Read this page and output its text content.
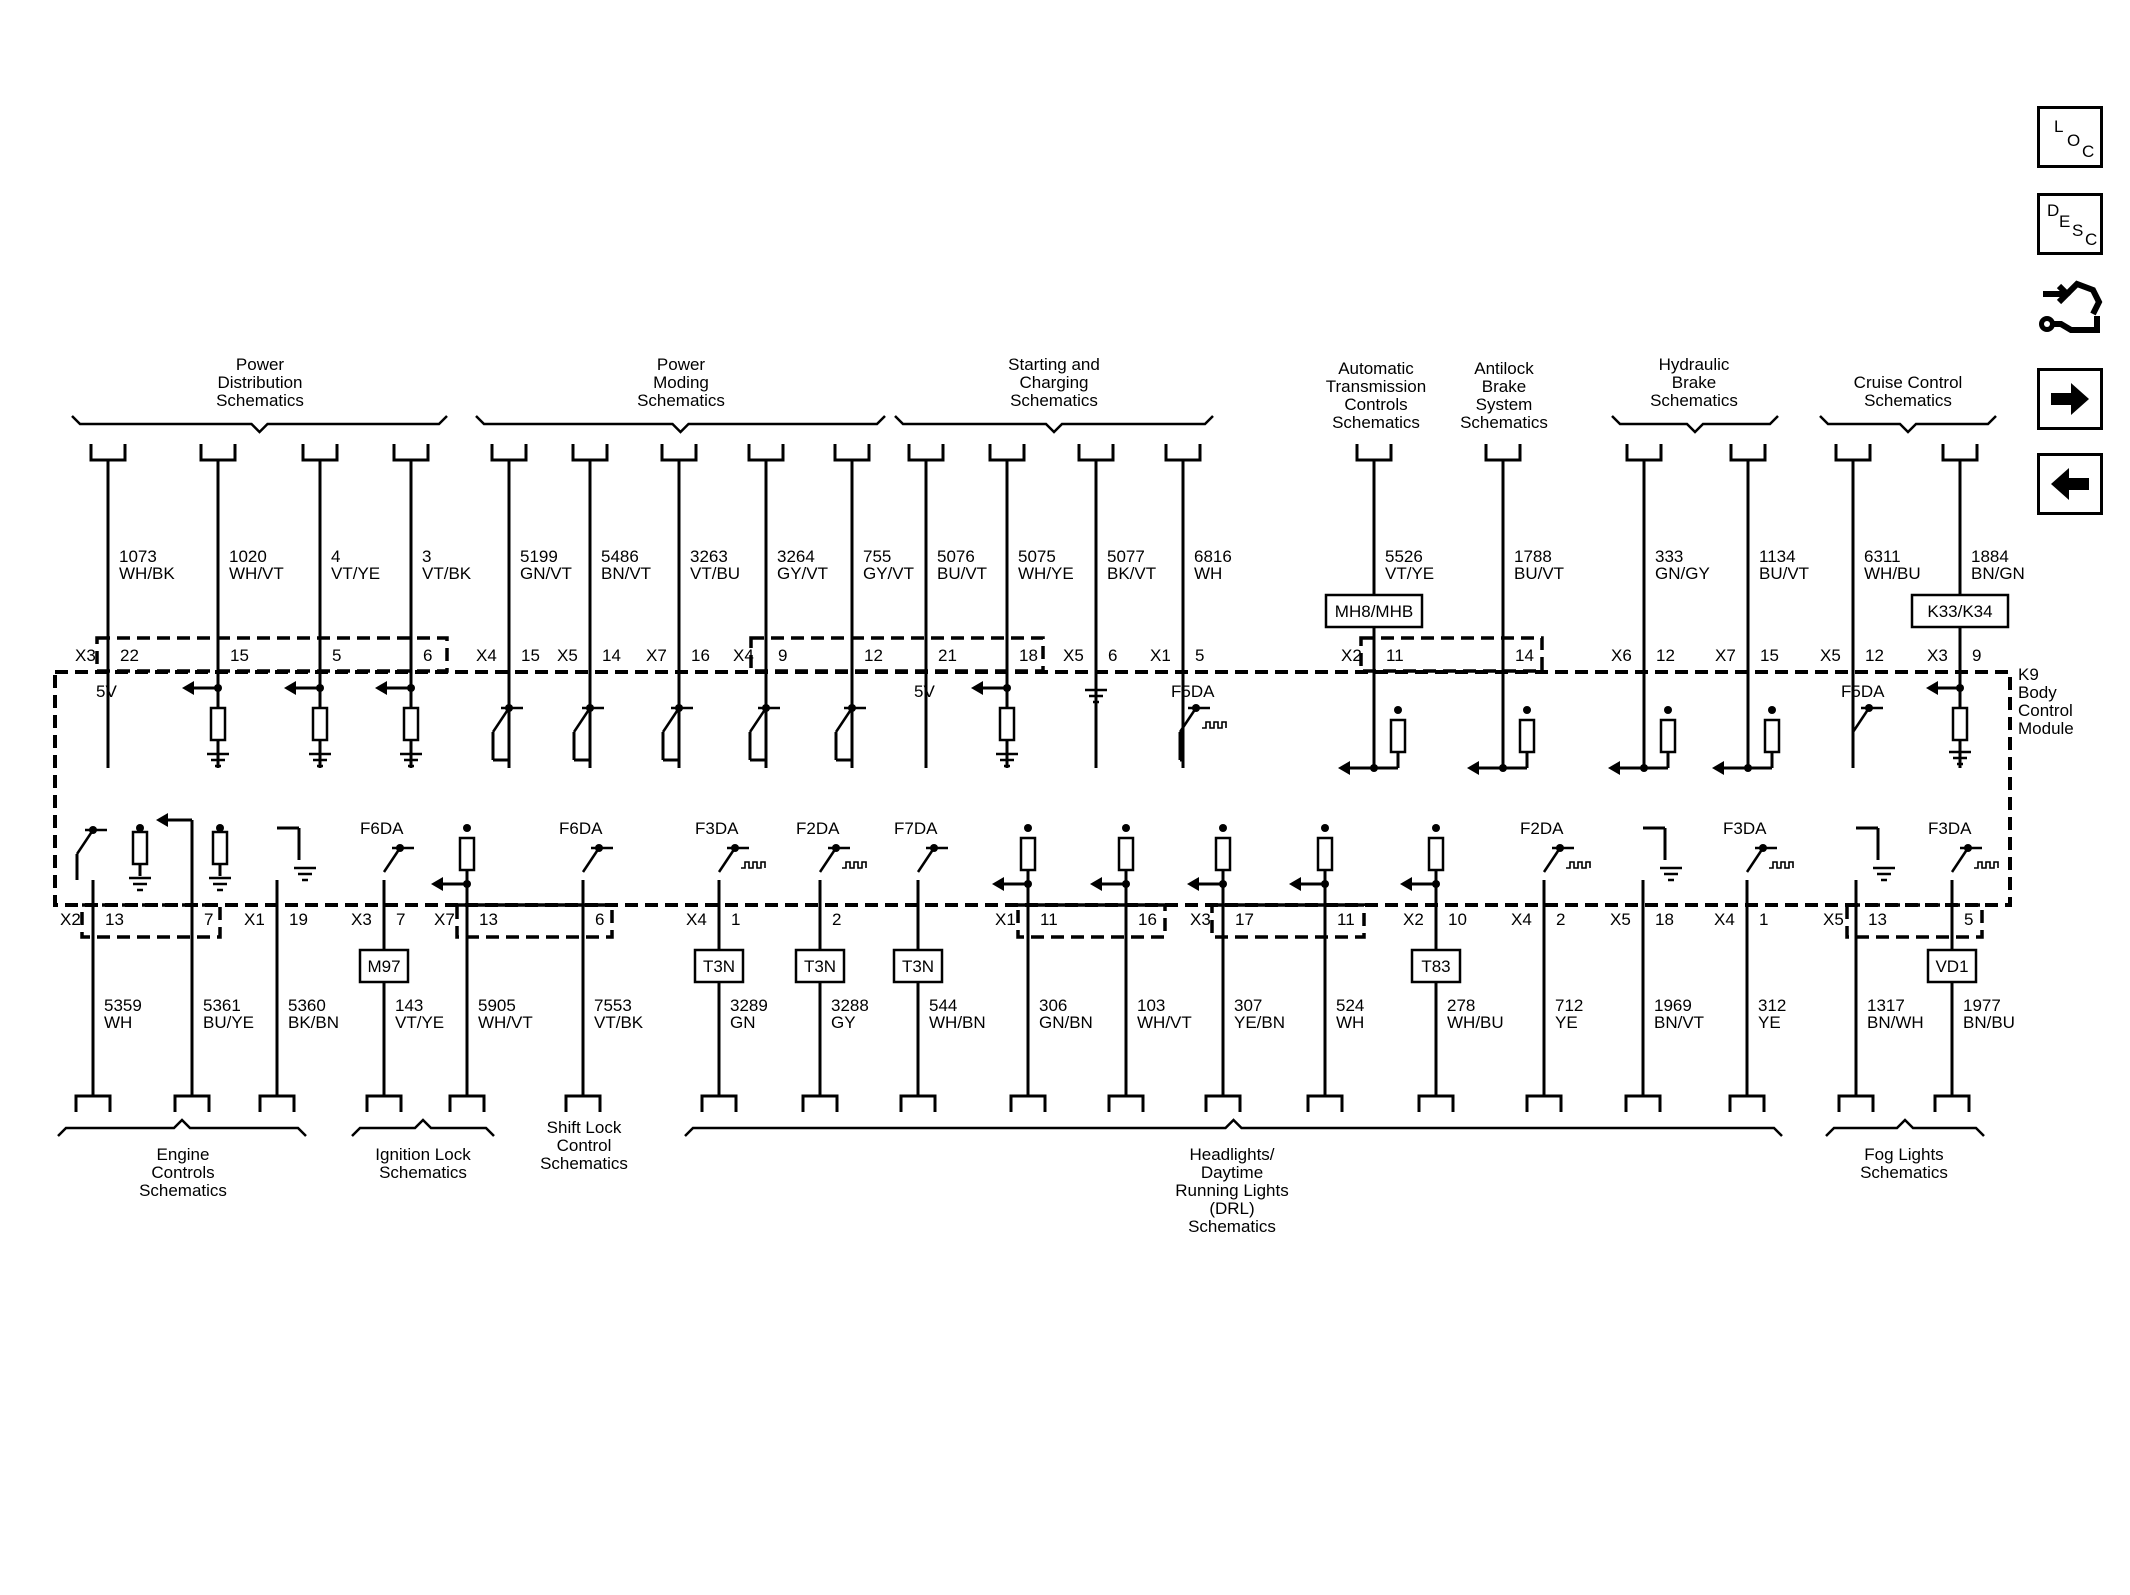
K9
Body
Control
Module
Power
Distribution
Schematics
Power
Moding
Schematics
Starting and
Charging
Schematics
Automatic
Transmission
Controls
Schematics
Antilock
Brake
System
Schematics
Hydraulic
Brake
Schematics
Cruise Control
Schematics
1073
WH/BK
22
X3
5V
1020
WH/VT
15
4
VT/YE
5
3
VT/BK
6
5199
GN/VT
15
X4
5486
BN/VT
14
X5
3263
VT/BU
16
X7
3264
GY/VT
9
X4
755
GY/VT
12
5076
BU/VT
21
5V
5075
WH/YE
18
5077
BK/VT
6
X5
6816
WH
5
X1
F5DA
5526
VT/YE
11
X2
MH8/MHB
1788
BU/VT
14
333
GN/GY
12
X6
1134
BU/VT
15
X7
6311
WH/BU
12
X5
F5DA
1884
BN/GN
9
X3
K33/K34
5359
WH
13
X2
5361
BU/YE
7
5360
BK/BN
19
X1
143
VT/YE
7
X3
M97
F6DA
5905
WH/VT
13
X7
7553
VT/BK
6
F6DA
3289
GN
1
X4
T3N
F3DA
3288
GY
2
T3N
F2DA
544
WH/BN
T3N
F7DA
306
GN/BN
11
X1
103
WH/VT
16
307
YE/BN
17
X3
524
WH
11
278
WH/BU
10
X2
T83
712
YE
2
X4
F2DA
1969
BN/VT
18
X5
312
YE
1
X4
F3DA
1317
BN/WH
13
X5
1977
BN/BU
5
VD1
F3DA
Engine
Controls
Schematics
Ignition Lock
Schematics
Shift Lock
Control
Schematics	Headlights/
Daytime
Running Lights
(DRL)
Schematics
Fog Lights
Schematics
L
O
C
D
E S C
